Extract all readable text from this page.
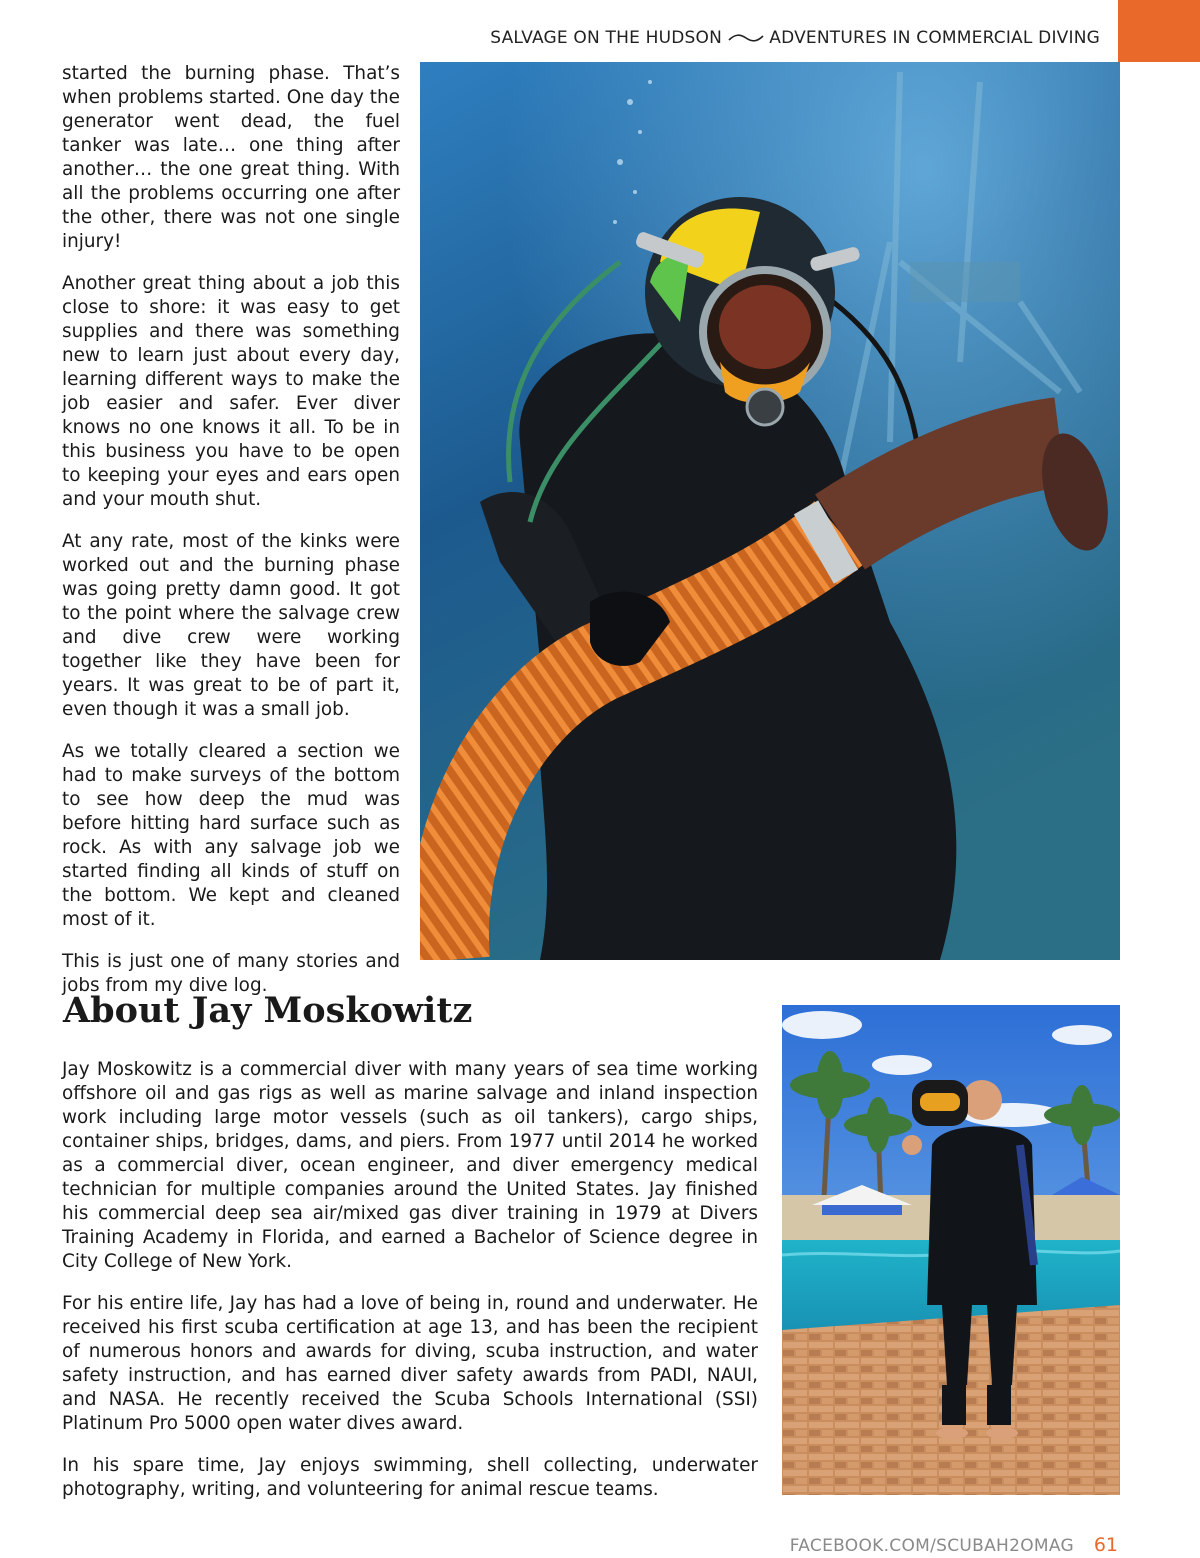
SALVAGE ON THE HUDSON	ADVENTURES IN COMMERCIAL DIVING

started the burning phase. That’s when problems started. One day the generator went dead, the fuel tanker was late… one thing after another… the one great thing. With all the problems occurring one after the other, there was not one single injury!

Another great thing about a job this close to shore: it was easy to get supplies and there was something new to learn just about every day, learning different ways to make the job easier and safer. Ever diver knows no one knows it all. To be in this business you have to be open to keeping your eyes and ears open and your mouth shut.

At any rate, most of the kinks were worked out and the burning phase was going pretty damn good. It got to the point where the salvage crew and dive crew were working together like they have been for years. It was great to be of part it, even though it was a small job.

As we totally cleared a section we had to make surveys of the bottom to see how deep the mud was before hitting hard surface such as rock. As with any salvage job we started finding all kinds of stuff on the bottom. We kept and cleaned most of it.

This is just one of many stories and jobs from my dive log.

About Jay Moskowitz

Jay Moskowitz is a commercial diver with many years of sea time working offshore oil and gas rigs as well as marine salvage and inland inspection work including large motor vessels (such as oil tankers), cargo ships, container ships, bridges, dams, and piers. From 1977 until 2014 he worked as a commercial diver, ocean engineer, and diver emergency medical technician for multiple companies around the United States. Jay finished his commercial deep sea air/mixed gas diver training in 1979 at Divers Training Academy in Florida, and earned a Bachelor of Science degree in City College of New York.

For his entire life, Jay has had a love of being in, round and underwater. He received his first scuba certification at age 13, and has been the recipient of numerous honors and awards for diving, scuba instruction, and water safety instruction, and has earned diver safety awards from PADI, NAUI, and NASA. He recently received the Scuba Schools International (SSI) Platinum Pro 5000 open water dives award.

In his spare time, Jay enjoys swimming, shell collecting, underwater photography, writing, and volunteering for animal rescue teams.

FACEBOOK.COM/SCUBAH2OMAG 61
